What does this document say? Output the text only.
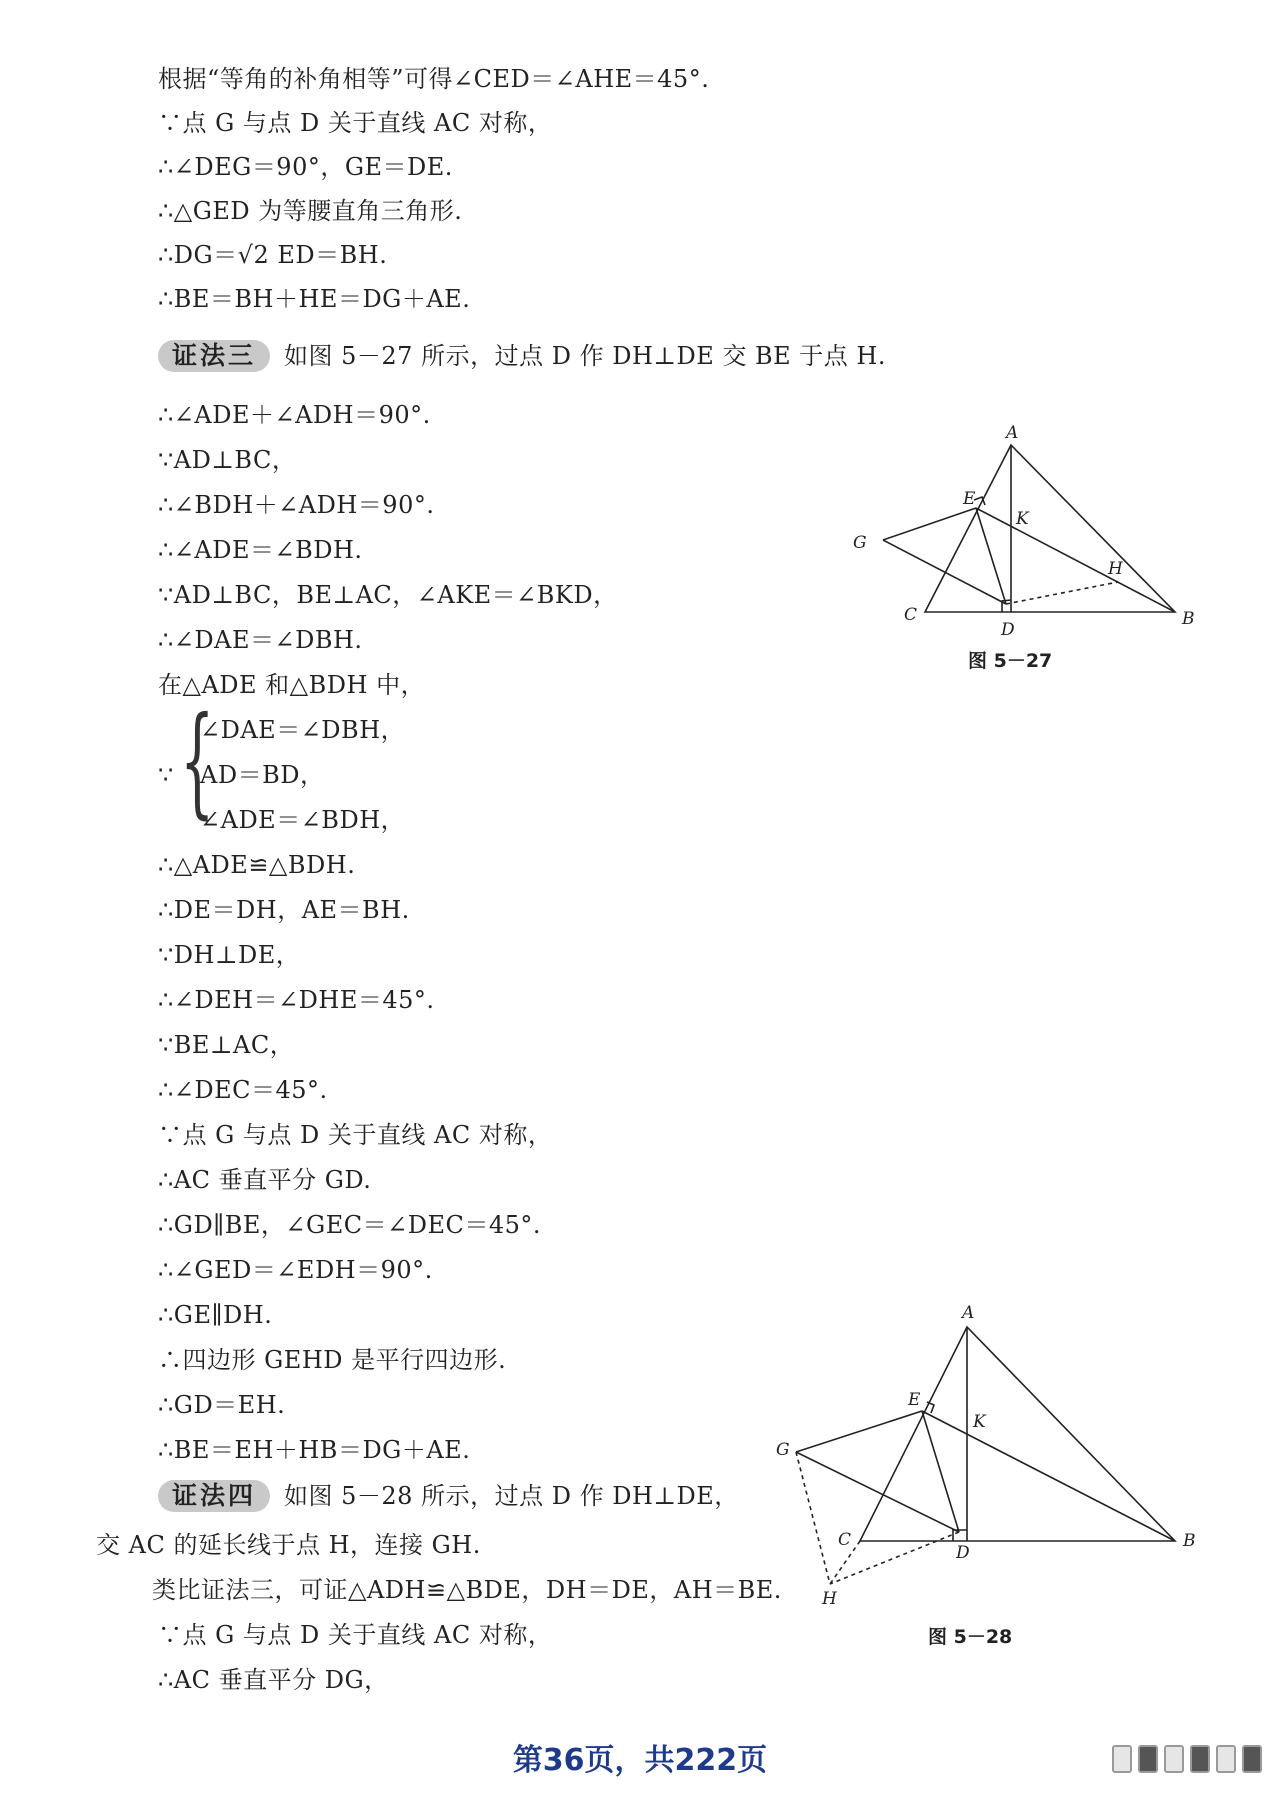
根据“等角的补角相等”可得∠CED＝∠AHE＝45°.
∵点 G 与点 D 关于直线 AC 对称，
∴∠DEG＝90°，GE＝DE.
∴△GED 为等腰直角三角形.
∴DG＝√2 ED＝BH.
∴BE＝BH＋HE＝DG＋AE.
证法三 如图 5－27 所示，过点 D 作 DH⊥DE 交 BE 于点 H.
∴∠ADE＋∠ADH＝90°.
∵AD⊥BC，
∴∠BDH＋∠ADH＝90°.
∴∠ADE＝∠BDH.
∵AD⊥BC，BE⊥AC，∠AKE＝∠BKD，
∴∠DAE＝∠DBH.
在△ADE 和△BDH 中，
∵ {
∠DAE＝∠DBH，
AD＝BD，
∠ADE＝∠BDH，
∴△ADE≌△BDH.
∴DE＝DH，AE＝BH.
∵DH⊥DE，
∴∠DEH＝∠DHE＝45°.
∵BE⊥AC，
∴∠DEC＝45°.
∵点 G 与点 D 关于直线 AC 对称，
∴AC 垂直平分 GD.
∴GD∥BE，∠GEC＝∠DEC＝45°.
∴∠GED＝∠EDH＝90°.
∴GE∥DH.
∴四边形 GEHD 是平行四边形.
∴GD＝EH.
∴BE＝EH＋HB＝DG＋AE.
证法四 如图 5－28 所示，过点 D 作 DH⊥DE，
交 AC 的延长线于点 H，连接 GH.
类比证法三，可证△ADH≌△BDE，DH＝DE，AH＝BE.
∵点 G 与点 D 关于直线 AC 对称，
∴AC 垂直平分 DG，
A
B
C
D
E
G
H
K
图 5－27
A
B
C
D
E
G
H
K
图 5－28
第36页，共222页
